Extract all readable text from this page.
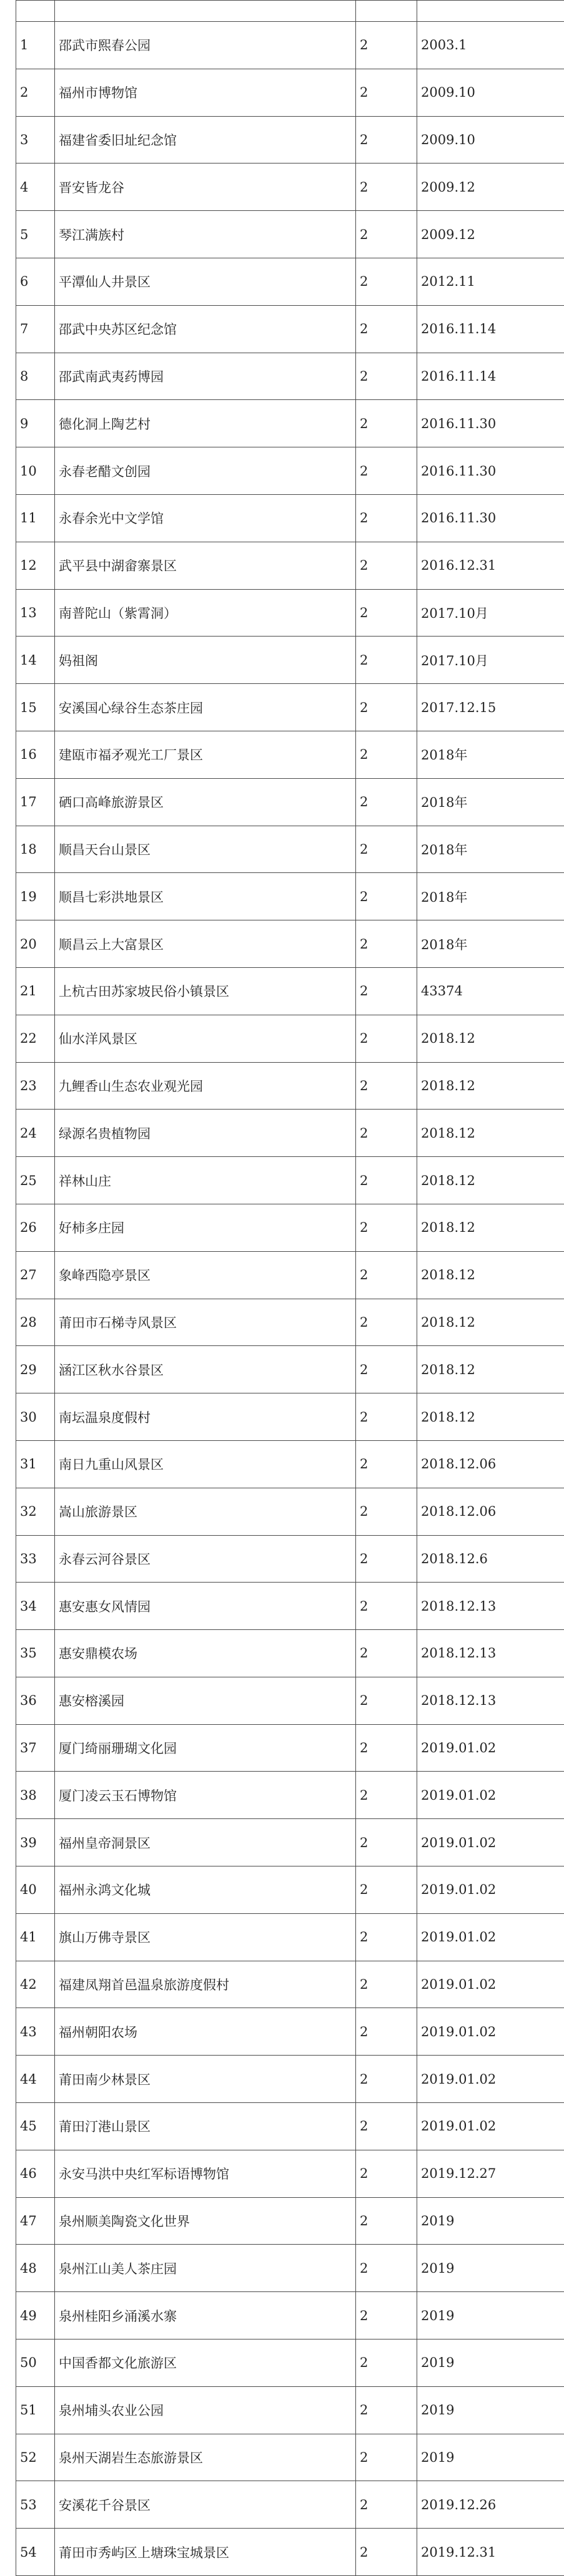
1	邵武市熙春公园	2	2003.1
2	福州市博物馆	2	2009.10
3	福建省委旧址纪念馆	2	2009.10
4	晋安皆龙谷	2	2009.12
5	琴江满族村	2	2009.12
6	平潭仙人井景区	2	2012.11
7	邵武中央苏区纪念馆	2	2016.11.14
8	邵武南武夷药博园	2	2016.11.14
9	德化洞上陶艺村	2	2016.11.30
10	永春老醋文创园	2	2016.11.30
11	永春余光中文学馆	2	2016.11.30
12	武平县中湖畲寨景区	2	2016.12.31
13	南普陀山（紫霄洞）	2	2017.10月
14	妈祖阁	2	2017.10月
15	安溪国心绿谷生态茶庄园	2	2017.12.15
16	建瓯市福矛观光工厂景区	2	2018年
17	硒口高峰旅游景区	2	2018年
18	顺昌天台山景区	2	2018年
19	顺昌七彩洪地景区	2	2018年
20	顺昌云上大富景区	2	2018年
21	上杭古田苏家坡民俗小镇景区	2	43374
22	仙水洋风景区	2	2018.12
23	九鲤香山生态农业观光园	2	2018.12
24	绿源名贵植物园	2	2018.12
25	祥林山庄	2	2018.12
26	好柿多庄园	2	2018.12
27	象峰西隐亭景区	2	2018.12
28	莆田市石梯寺风景区	2	2018.12
29	涵江区秋水谷景区	2	2018.12
30	南坛温泉度假村	2	2018.12
31	南日九重山风景区	2	2018.12.06
32	嵩山旅游景区	2	2018.12.06
33	永春云河谷景区	2	2018.12.6
34	惠安惠女风情园	2	2018.12.13
35	惠安鼎模农场	2	2018.12.13
36	惠安榕溪园	2	2018.12.13
37	厦门绮丽珊瑚文化园	2	2019.01.02
38	厦门凌云玉石博物馆	2	2019.01.02
39	福州皇帝洞景区	2	2019.01.02
40	福州永鸿文化城	2	2019.01.02
41	旗山万佛寺景区	2	2019.01.02
42	福建凤翔首邑温泉旅游度假村	2	2019.01.02
43	福州朝阳农场	2	2019.01.02
44	莆田南少林景区	2	2019.01.02
45	莆田汀港山景区	2	2019.01.02
46	永安马洪中央红军标语博物馆	2	2019.12.27
47	泉州顺美陶瓷文化世界	2	2019
48	泉州江山美人茶庄园	2	2019
49	泉州桂阳乡涌溪水寨	2	2019
50	中国香都文化旅游区	2	2019
51	泉州埔头农业公园	2	2019
52	泉州天湖岩生态旅游景区	2	2019
53	安溪花千谷景区	2	2019.12.26
54	莆田市秀屿区上塘珠宝城景区	2	2019.12.31
